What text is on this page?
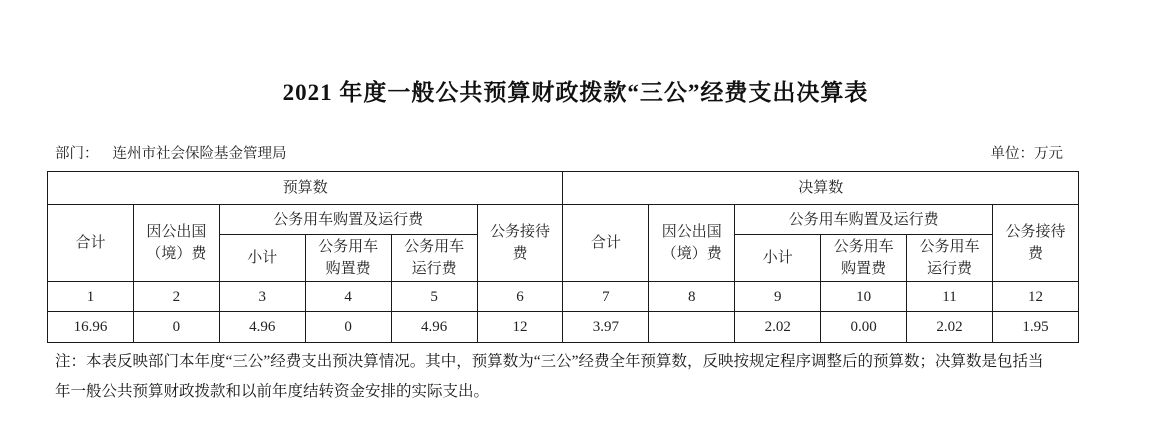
2021 年度一般公共预算财政拨款“三公”经费支出决算表
部门： 连州市社会保险基金管理局	单位：万元
预算数						决算数					
合计	因公出国（境）费	公务用车购置及运行费			公务接待费	合计	因公出国（境）费	公务用车购置及运行费			公务接待费
		小计	公务用车购置费	公务用车运行费				小计	公务用车购置费	公务用车运行费	
1	2	3	4	5	6	7	8	9	10	11	12
16.96	0	4.96	0	4.96	12	3.97		2.02	0.00	2.02	1.95
注：本表反映部门本年度“三公”经费支出预决算情况。其中，预算数为“三公”经费全年预算数，反映按规定程序调整后的预算数；决算数是包括当
年一般公共预算财政拨款和以前年度结转资金安排的实际支出。
